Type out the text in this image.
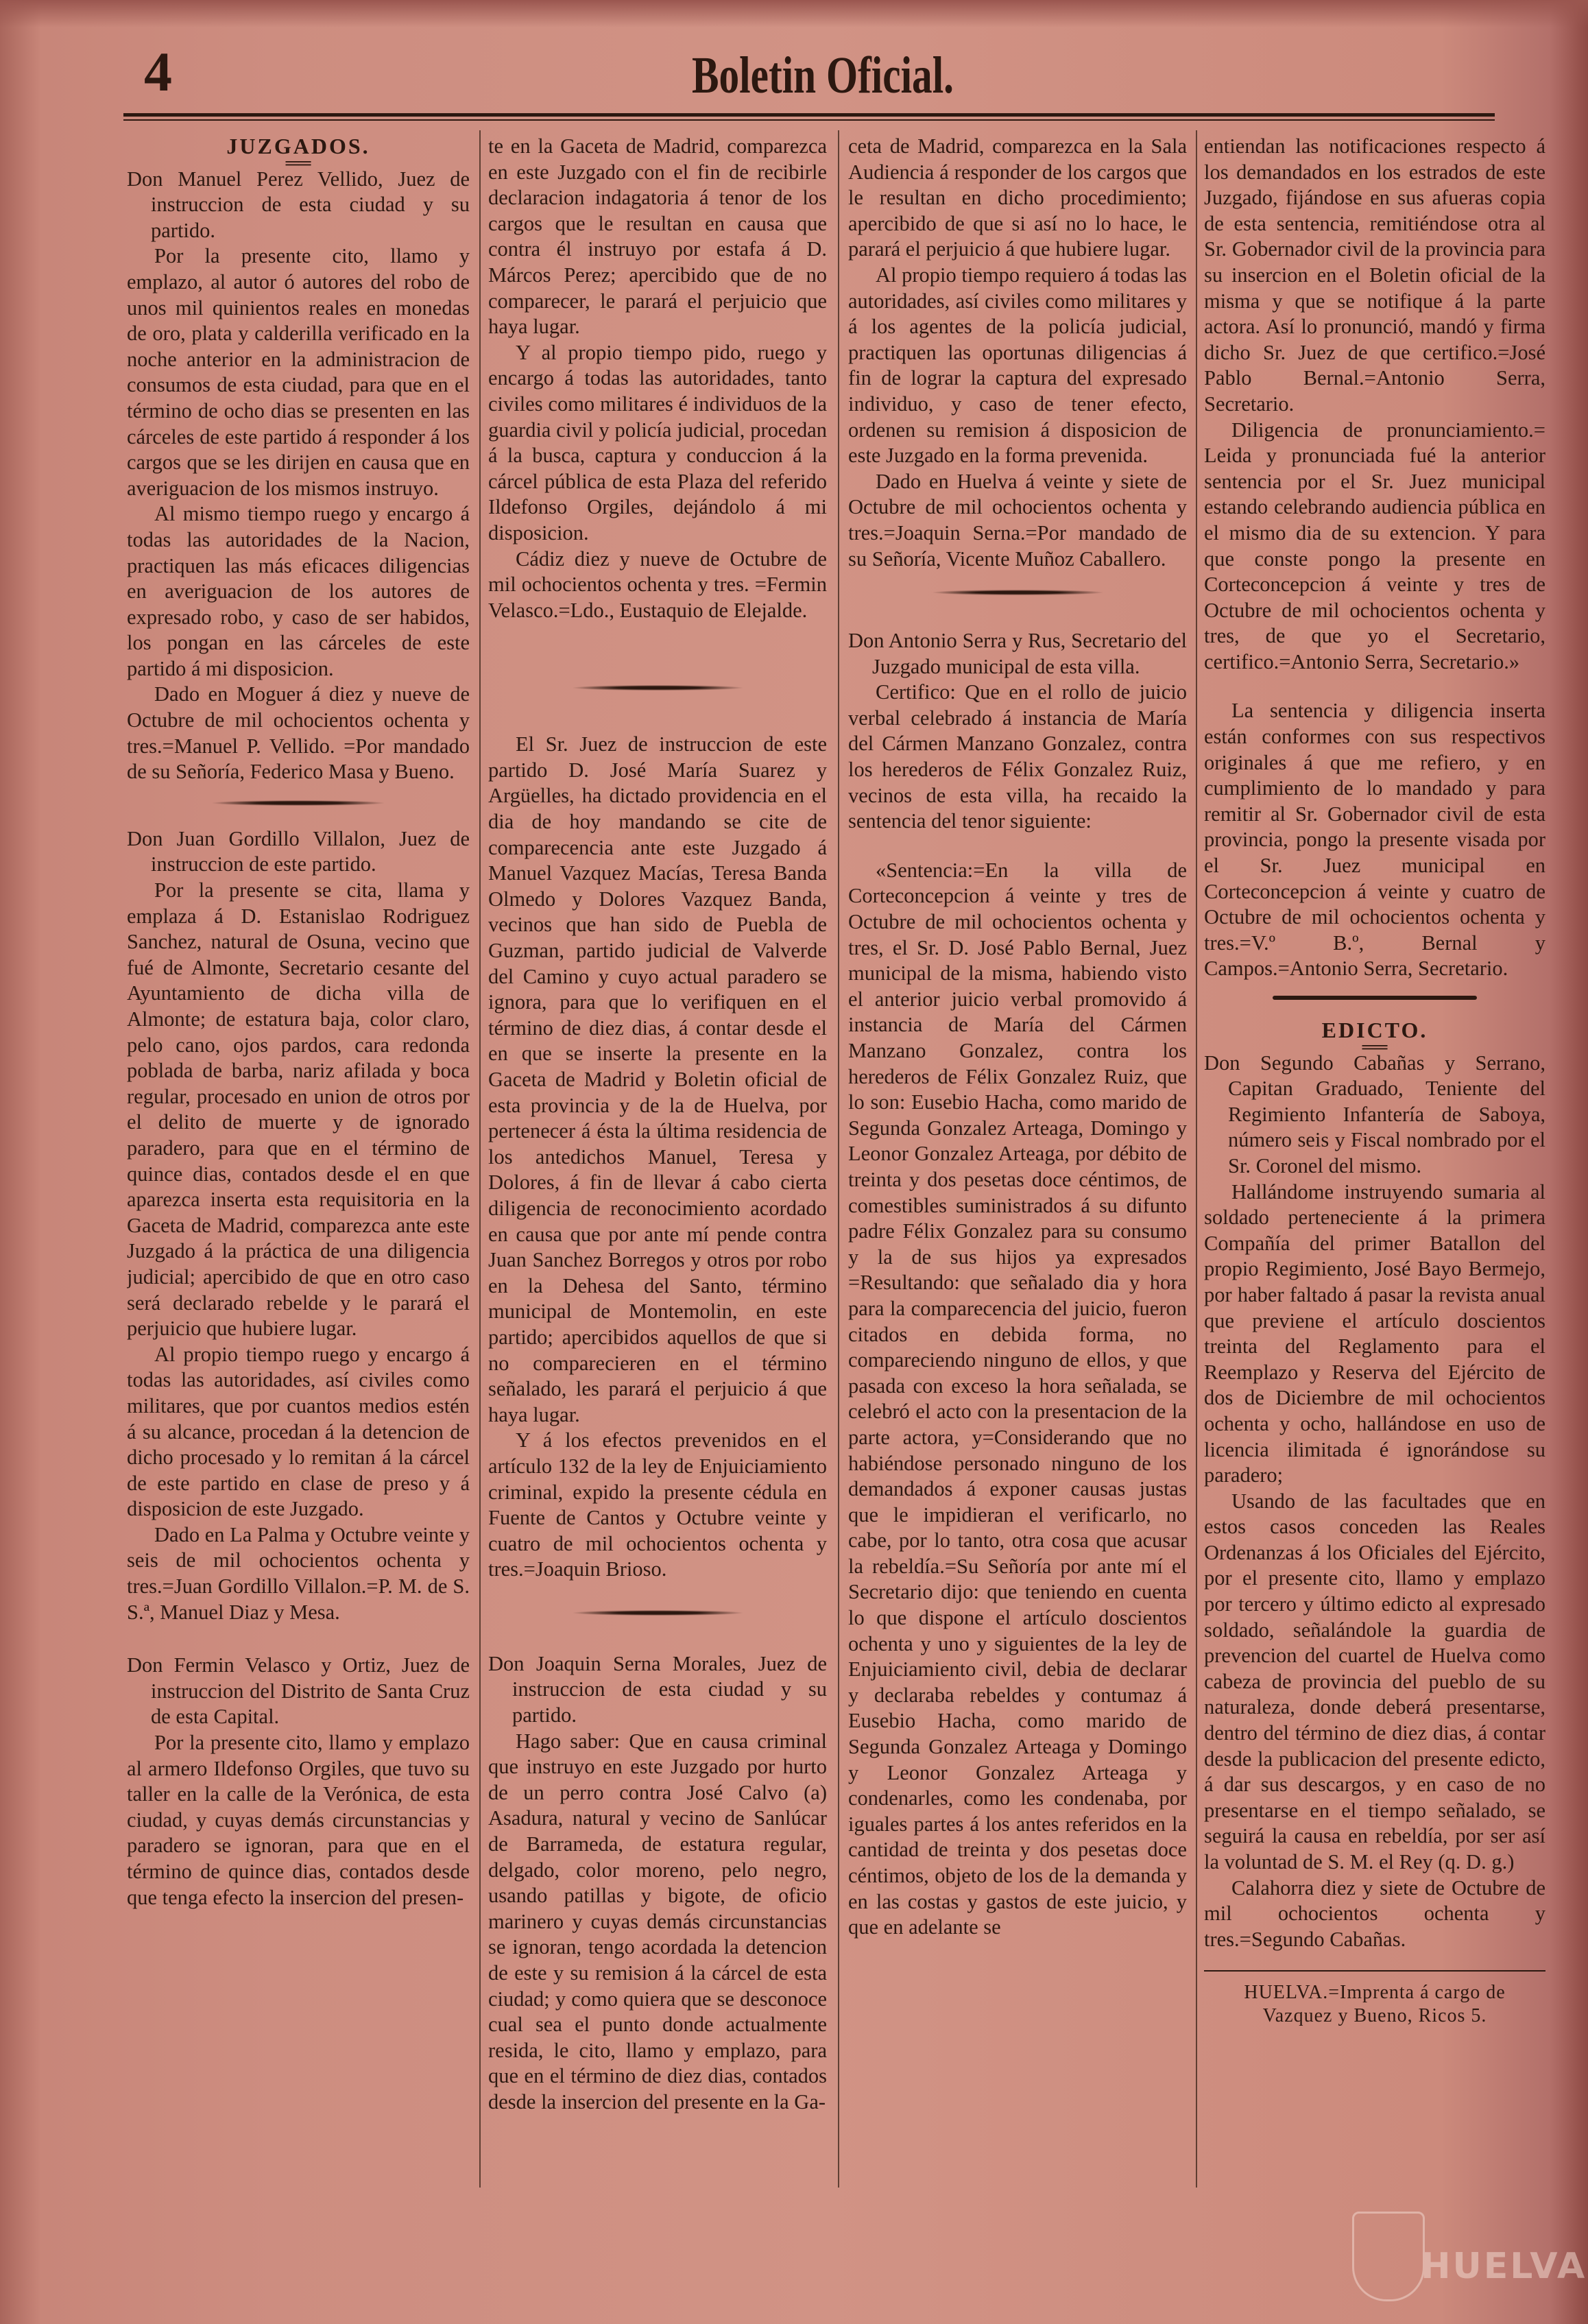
4	Boletin Oficial.

JUZGADOS.

══

Don Manuel Perez Vellido, Juez de instruccion de esta ciudad y su partido.

Por la presente cito, llamo y emplazo, al autor ó autores del robo de unos mil quinientos reales en monedas de oro, plata y calderilla verificado en la noche anterior en la administracion de consumos de esta ciudad, para que en el término de ocho dias se presenten en las cárceles de este partido á responder á los cargos que se les dirijen en causa que en averiguacion de los mismos instruyo.

Al mismo tiempo ruego y encargo á todas las autoridades de la Nacion, practiquen las más eficaces diligencias en averiguacion de los autores de expresado robo, y caso de ser habidos, los pongan en las cárceles de este partido á mi disposicion.

Dado en Moguer á diez y nueve de Octubre de mil ochocientos ochenta y tres.=Manuel P. Vellido. =Por mandado de su Señoría, Federico Masa y Bueno.

Don Juan Gordillo Villalon, Juez de instruccion de este partido.

Por la presente se cita, llama y emplaza á D. Estanislao Rodriguez Sanchez, natural de Osuna, vecino que fué de Almonte, Secretario cesante del Ayuntamiento de dicha villa de Almonte; de estatura baja, color claro, pelo cano, ojos pardos, cara redonda poblada de barba, nariz afilada y boca regular, procesado en union de otros por el delito de muerte y de ignorado paradero, para que en el término de quince dias, contados desde el en que aparezca inserta esta requisitoria en la Gaceta de Madrid, comparezca ante este Juzgado á la práctica de una diligencia judicial; apercibido de que en otro caso será declarado rebelde y le parará el perjuicio que hubiere lugar.

Al propio tiempo ruego y encargo á todas las autoridades, así civiles como militares, que por cuantos medios estén á su alcance, procedan á la detencion de dicho procesado y lo remitan á la cárcel de este partido en clase de preso y á disposicion de este Juzgado.

Dado en La Palma y Octubre veinte y seis de mil ochocientos ochenta y tres.=Juan Gordillo Villalon.=P. M. de S. S.ª, Manuel Diaz y Mesa.

Don Fermin Velasco y Ortiz, Juez de instruccion del Distrito de Santa Cruz de esta Capital.

Por la presente cito, llamo y emplazo al armero Ildefonso Orgiles, que tuvo su taller en la calle de la Verónica, de esta ciudad, y cuyas demás circunstancias y paradero se ignoran, para que en el término de quince dias, contados desde que tenga efecto la insercion del presen-

te en la Gaceta de Madrid, comparezca en este Juzgado con el fin de recibirle declaracion indagatoria á tenor de los cargos que le resultan en causa que contra él instruyo por estafa á D. Márcos Perez; apercibido que de no comparecer, le parará el perjuicio que haya lugar.

Y al propio tiempo pido, ruego y encargo á todas las autoridades, tanto civiles como militares é individuos de la guardia civil y policía judicial, procedan á la busca, captura y conduccion á la cárcel pública de esta Plaza del referido Ildefonso Orgiles, dejándolo á mi disposicion.

Cádiz diez y nueve de Octubre de mil ochocientos ochenta y tres. =Fermin Velasco.=Ldo., Eustaquio de Elejalde.

El Sr. Juez de instruccion de este partido D. José María Suarez y Argüelles, ha dictado providencia en el dia de hoy mandando se cite de comparecencia ante este Juzgado á Manuel Vazquez Macías, Teresa Banda Olmedo y Dolores Vazquez Banda, vecinos que han sido de Puebla de Guzman, partido judicial de Valverde del Camino y cuyo actual paradero se ignora, para que lo verifiquen en el término de diez dias, á contar desde el en que se inserte la presente en la Gaceta de Madrid y Boletin oficial de esta provincia y de la de Huelva, por pertenecer á ésta la última residencia de los antedichos Manuel, Teresa y Dolores, á fin de llevar á cabo cierta diligencia de reconocimiento acordado en causa que por ante mí pende contra Juan Sanchez Borregos y otros por robo en la Dehesa del Santo, término municipal de Montemolin, en este partido; apercibidos aquellos de que si no comparecieren en el término señalado, les parará el perjuicio á que haya lugar.

Y á los efectos prevenidos en el artículo 132 de la ley de Enjuiciamiento criminal, expido la presente cédula en Fuente de Cantos y Octubre veinte y cuatro de mil ochocientos ochenta y tres.=Joaquin Brioso.

Don Joaquin Serna Morales, Juez de instruccion de esta ciudad y su partido.

Hago saber: Que en causa criminal que instruyo en este Juzgado por hurto de un perro contra José Calvo (a) Asadura, natural y vecino de Sanlúcar de Barrameda, de estatura regular, delgado, color moreno, pelo negro, usando patillas y bigote, de oficio marinero y cuyas demás circunstancias se ignoran, tengo acordada la detencion de este y su remision á la cárcel de esta ciudad; y como quiera que se desconoce cual sea el punto donde actualmente resida, le cito, llamo y emplazo, para que en el término de diez dias, contados desde la insercion del presente en la Ga-

ceta de Madrid, comparezca en la Sala Audiencia á responder de los cargos que le resultan en dicho procedimiento; apercibido de que si así no lo hace, le parará el perjuicio á que hubiere lugar.

Al propio tiempo requiero á todas las autoridades, así civiles como militares y á los agentes de la policía judicial, practiquen las oportunas diligencias á fin de lograr la captura del expresado individuo, y caso de tener efecto, ordenen su remision á disposicion de este Juzgado en la forma prevenida.

Dado en Huelva á veinte y siete de Octubre de mil ochocientos ochenta y tres.=Joaquin Serna.=Por mandado de su Señoría, Vicente Muñoz Caballero.

Don Antonio Serra y Rus, Secretario del Juzgado municipal de esta villa.

Certifico: Que en el rollo de juicio verbal celebrado á instancia de María del Cármen Manzano Gonzalez, contra los herederos de Félix Gonzalez Ruiz, vecinos de esta villa, ha recaido la sentencia del tenor siguiente:

«Sentencia:=En la villa de Corteconcepcion á veinte y tres de Octubre de mil ochocientos ochenta y tres, el Sr. D. José Pablo Bernal, Juez municipal de la misma, habiendo visto el anterior juicio verbal promovido á instancia de María del Cármen Manzano Gonzalez, contra los herederos de Félix Gonzalez Ruiz, que lo son: Eusebio Hacha, como marido de Segunda Gonzalez Arteaga, Domingo y Leonor Gonzalez Arteaga, por débito de treinta y dos pesetas doce céntimos, de comestibles suministrados á su difunto padre Félix Gonzalez para su consumo y la de sus hijos ya expresados =Resultando: que señalado dia y hora para la comparecencia del juicio, fueron citados en debida forma, no compareciendo ninguno de ellos, y que pasada con exceso la hora señalada, se celebró el acto con la presentacion de la parte actora, y=Considerando que no habiéndose personado ninguno de los demandados á exponer causas justas que le impidieran el verificarlo, no cabe, por lo tanto, otra cosa que acusar la rebeldía.=Su Señoría por ante mí el Secretario dijo: que teniendo en cuenta lo que dispone el artículo doscientos ochenta y uno y siguientes de la ley de Enjuiciamiento civil, debia de declarar y declaraba rebeldes y contumaz á Eusebio Hacha, como marido de Segunda Gonzalez Arteaga y Domingo y Leonor Gonzalez Arteaga y condenarles, como les condenaba, por iguales partes á los antes referidos en la cantidad de treinta y dos pesetas doce céntimos, objeto de los de la demanda y en las costas y gastos de este juicio, y que en adelante se

entiendan las notificaciones respecto á los demandados en los estrados de este Juzgado, fijándose en sus afueras copia de esta sentencia, remitiéndose otra al Sr. Gobernador civil de la provincia para su insercion en el Boletin oficial de la misma y que se notifique á la parte actora. Así lo pronunció, mandó y firma dicho Sr. Juez de que certifico.=José Pablo Bernal.=Antonio Serra, Secretario.

Diligencia de pronunciamiento.= Leida y pronunciada fué la anterior sentencia por el Sr. Juez municipal estando celebrando audiencia pública en el mismo dia de su extencion. Y para que conste pongo la presente en Corteconcepcion á veinte y tres de Octubre de mil ochocientos ochenta y tres, de que yo el Secretario, certifico.=Antonio Serra, Secretario.»

La sentencia y diligencia inserta están conformes con sus respectivos originales á que me refiero, y en cumplimiento de lo mandado y para remitir al Sr. Gobernador civil de esta provincia, pongo la presente visada por el Sr. Juez municipal en Corteconcepcion á veinte y cuatro de Octubre de mil ochocientos ochenta y tres.=V.º B.º, Bernal y Campos.=Antonio Serra, Secretario.

EDICTO.

══

Don Segundo Cabañas y Serrano, Capitan Graduado, Teniente del Regimiento Infantería de Saboya, número seis y Fiscal nombrado por el Sr. Coronel del mismo.

Hallándome instruyendo sumaria al soldado perteneciente á la primera Compañía del primer Batallon del propio Regimiento, José Bayo Bermejo, por haber faltado á pasar la revista anual que previene el artículo doscientos treinta del Reglamento para el Reemplazo y Reserva del Ejército de dos de Diciembre de mil ochocientos ochenta y ocho, hallándose en uso de licencia ilimitada é ignorándose su paradero;

Usando de las facultades que en estos casos conceden las Reales Ordenanzas á los Oficiales del Ejército, por el presente cito, llamo y emplazo por tercero y último edicto al expresado soldado, señalándole la guardia de prevencion del cuartel de Huelva como cabeza de provincia del pueblo de su naturaleza, donde deberá presentarse, dentro del término de diez dias, á contar desde la publicacion del presente edicto, á dar sus descargos, y en caso de no presentarse en el tiempo señalado, se seguirá la causa en rebeldía, por ser así la voluntad de S. M. el Rey (q. D. g.)

Calahorra diez y siete de Octubre de mil ochocientos ochenta y tres.=Segundo Cabañas.

HUELVA.=Imprenta á cargo de

Vazquez y Bueno, Ricos 5.

HUELVA
